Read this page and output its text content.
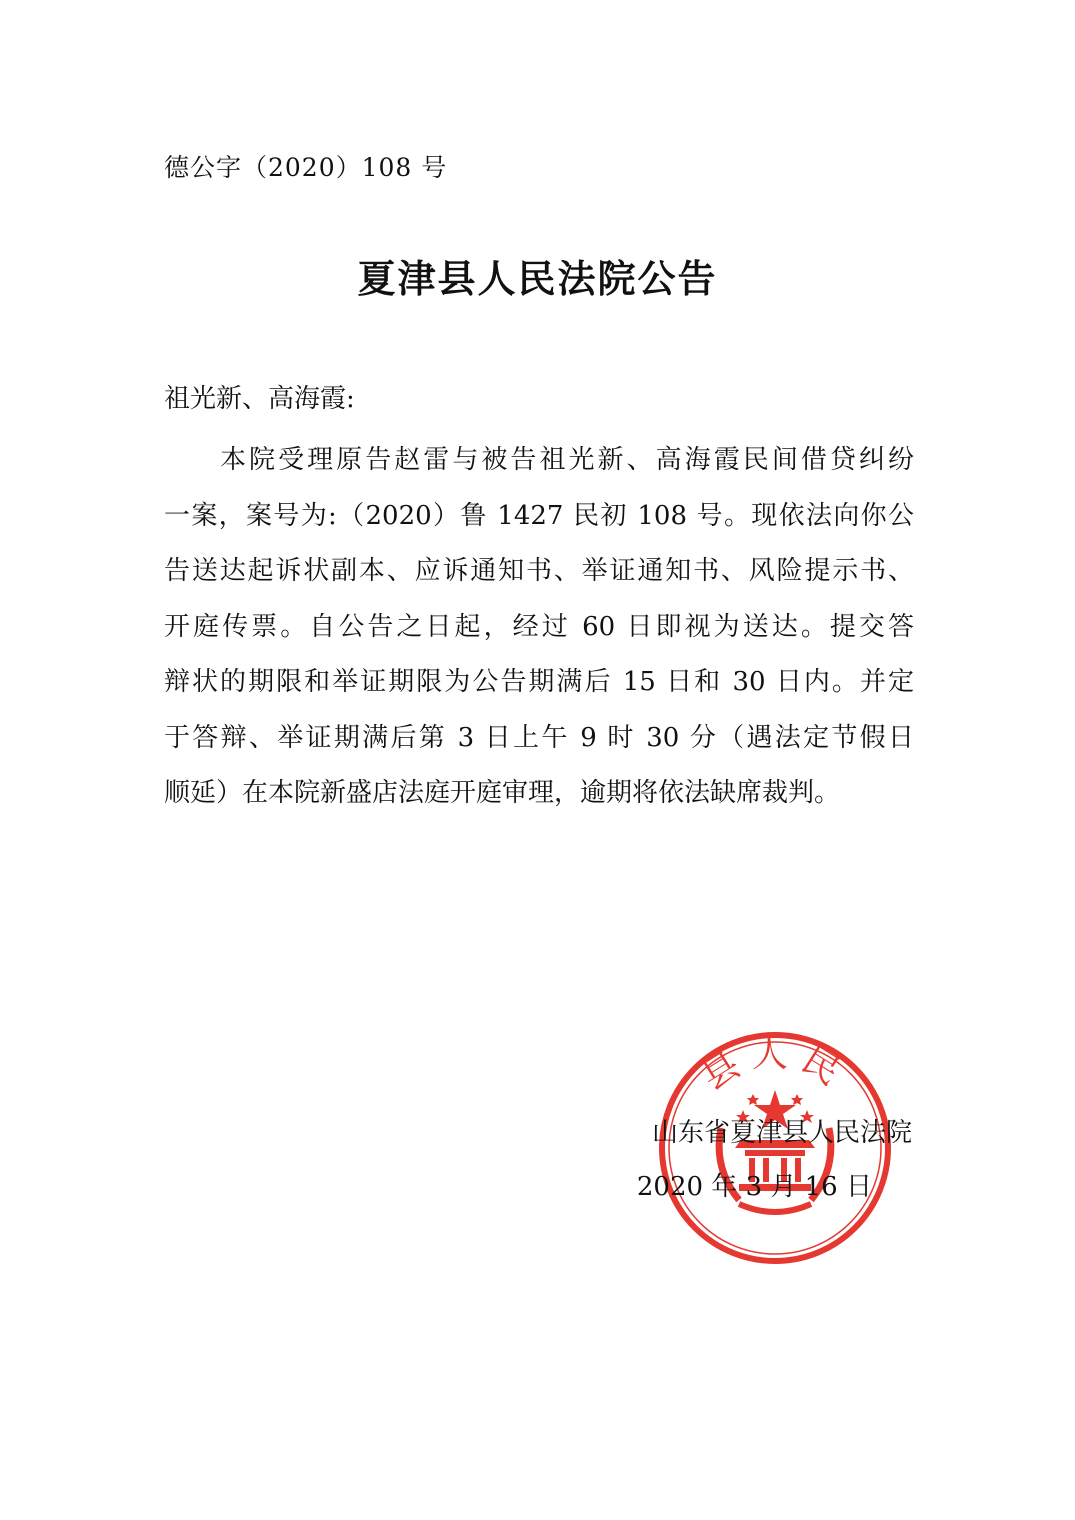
德公字（2020）108 号
夏津县人民法院公告
祖光新、高海霞:
本院受理原告赵雷与被告祖光新、高海霞民间借贷纠纷
一案，案号为:（2020）鲁 1427 民初 108 号。现依法向你公
告送达起诉状副本、应诉通知书、举证通知书、风险提示书、
开庭传票。自公告之日起，经过 60 日即视为送达。提交答
辩状的期限和举证期限为公告期满后 15 日和 30 日内。并定
于答辩、举证期满后第 3 日上午 9 时 30 分（遇法定节假日
顺延）在本院新盛店法庭开庭审理，逾期将依法缺席裁判。
县人民
山东省夏津县人民法院
2020 年 3 月 16 日
